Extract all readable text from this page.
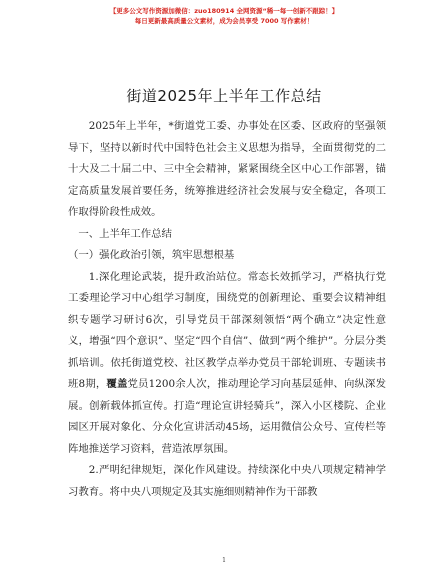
【更多公文写作资源加微信：zuo180914 全网资源“稀一每一创新不跟踪！】
每日更新最高质量公文素材，成为会员享受 7000 写作素材！
街道2025年上半年工作总结

2025年上半年，*街道党工委、办事处在区委、区政府的坚强领导下，坚持以新时代中国特色社会主义思想为指导，全面贯彻党的二十大及二十届二中、三中全会精神，紧紧围绕全区中心工作部署，锚定高质量发展首要任务，统筹推进经济社会发展与安全稳定，各项工作取得阶段性成效。

一、上半年工作总结

（一）强化政治引领，筑牢思想根基

1.深化理论武装，提升政治站位。常态长效抓学习，严格执行党工委理论学习中心组学习制度，围绕党的创新理论、重要会议精神组织专题学习研讨6次，引导党员干部深刻领悟“两个确立”决定性意义，增强“四个意识”、坚定“四个自信”、做到“两个维护”。分层分类抓培训。依托街道党校、社区教学点举办党员干部轮训班、专题读书班8期，覆盖党员1200余人次，推动理论学习向基层延伸、向纵深发展。创新载体抓宣传。打造“理论宣讲轻骑兵”，深入小区楼院、企业园区开展对象化、分众化宣讲活动45场，运用微信公众号、宣传栏等阵地推送学习资料，营造浓厚氛围。

2.严明纪律规矩，深化作风建设。持续深化中央八项规定精神学习教育。将中央八项规定及其实施细则精神作为干部教

1
